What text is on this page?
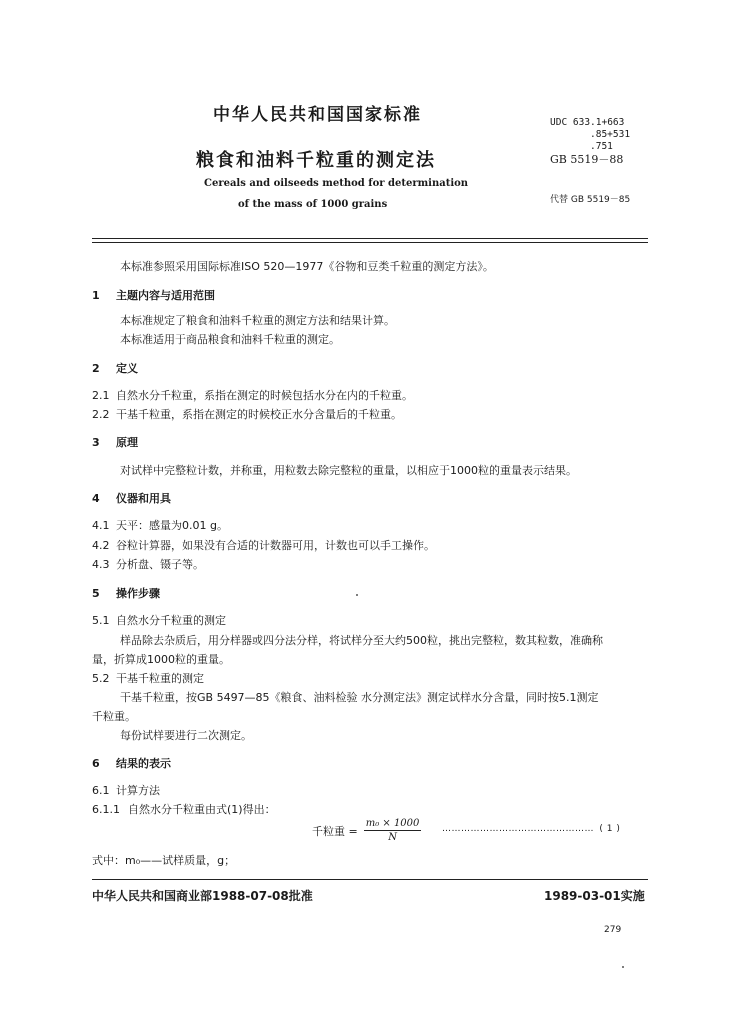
中华人民共和国国家标准
粮食和油料千粒重的测定法
Cereals and oilseeds method for determination
of the mass of 1000 grains
UDC 633.1+663
.85+531
.751
GB 5519－88
代替 GB 5519－85
本标准参照采用国际标准ISO 520—1977《谷物和豆类千粒重的测定方法》。
1 主题内容与适用范围
本标准规定了粮食和油料千粒重的测定方法和结果计算。
本标准适用于商品粮食和油料千粒重的测定。
2 定义
2.1 自然水分千粒重，系指在测定的时候包括水分在内的千粒重。
2.2 干基千粒重，系指在测定的时候校正水分含量后的千粒重。
3 原理
对试样中完整粒计数，并称重，用粒数去除完整粒的重量，以相应于1000粒的重量表示结果。
4 仪器和用具
4.1 天平：感量为0.01 g。
4.2 谷粒计算器，如果没有合适的计数器可用，计数也可以手工操作。
4.3 分析盘、镊子等。
5 操作步骤
5.1 自然水分千粒重的测定
样品除去杂质后，用分样器或四分法分样，将试样分至大约500粒，挑出完整粒，数其粒数，准确称
量，折算成1000粒的重量。
5.2 干基千粒重的测定
干基千粒重，按GB 5497—85《粮食、油料检验 水分测定法》测定试样水分含量，同时按5.1测定
千粒重。
每份试样要进行二次测定。
6 结果的表示
6.1 计算方法
6.1.1 自然水分千粒重由式(1)得出：
千粒重 = $\frac{\text{m₀ × 1000}}{N}$ ………………………………………… ( 1 )
式中：m₀——试样质量，g；
中华人民共和国商业部1988-07-08批准	1989-03-01实施
279
